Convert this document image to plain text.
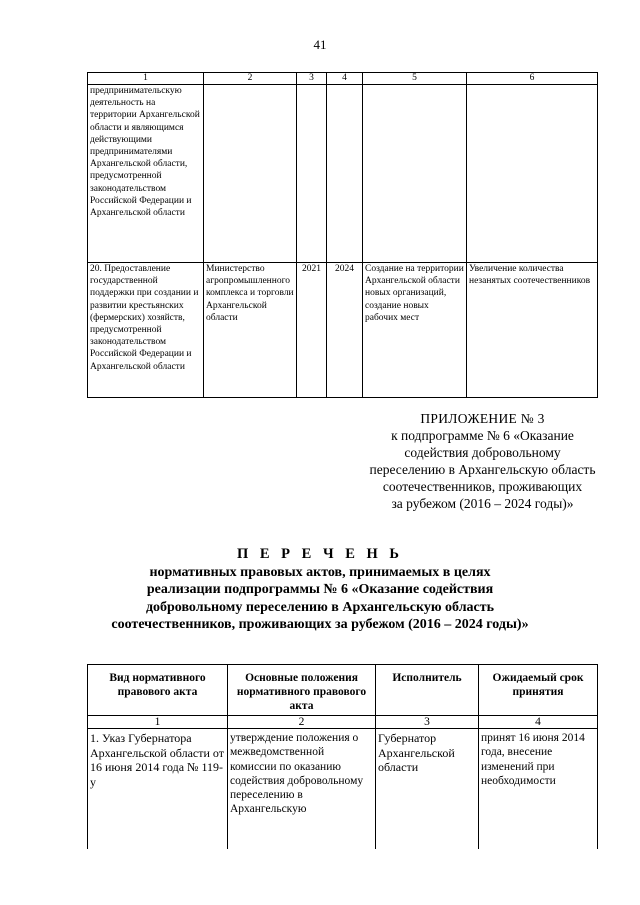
41
1	2	3	4	5	6
предпринимательскую деятельность на территории Архангельской области и являющимся действующими предпринимателями Архангельской области, предусмотренной законодательством Российской Федерации и Архангельской области					
20. Предоставление государственной поддержки при создании и развитии крестьянских (фермерских) хозяйств, предусмотренной законодательством Российской Федерации и Архангельской области	Министерство агропромышленного комплекса и торговли Архангельской области	2021	2024	Создание на территории Архангельской области новых организаций, создание новых рабочих мест	Увеличение количества незанятых соотечественников
ПРИЛОЖЕНИЕ № 3
к подпрограмме № 6 «Оказание
содействия добровольному
переселению в Архангельскую область
соотечественников, проживающих
за рубежом (2016 – 2024 годы)»
П Е Р Е Ч Е Н Ь
нормативных правовых актов, принимаемых в целях
реализации подпрограммы № 6 «Оказание содействия
добровольному переселению в Архангельскую область
соотечественников, проживающих за рубежом (2016 – 2024 годы)»
Вид нормативного правового акта	Основные положения нормативного правового акта	Исполнитель	Ожидаемый срок принятия
1	2	3	4
1. Указ Губернатора Архангельской области от 16 июня 2014 года № 119-у	утверждение положения о межведомственной комиссии по оказанию содействия добровольному переселению в Архангельскую	Губернатор Архангельской области	принят 16 июня 2014 года, внесение изменений при необходимости
